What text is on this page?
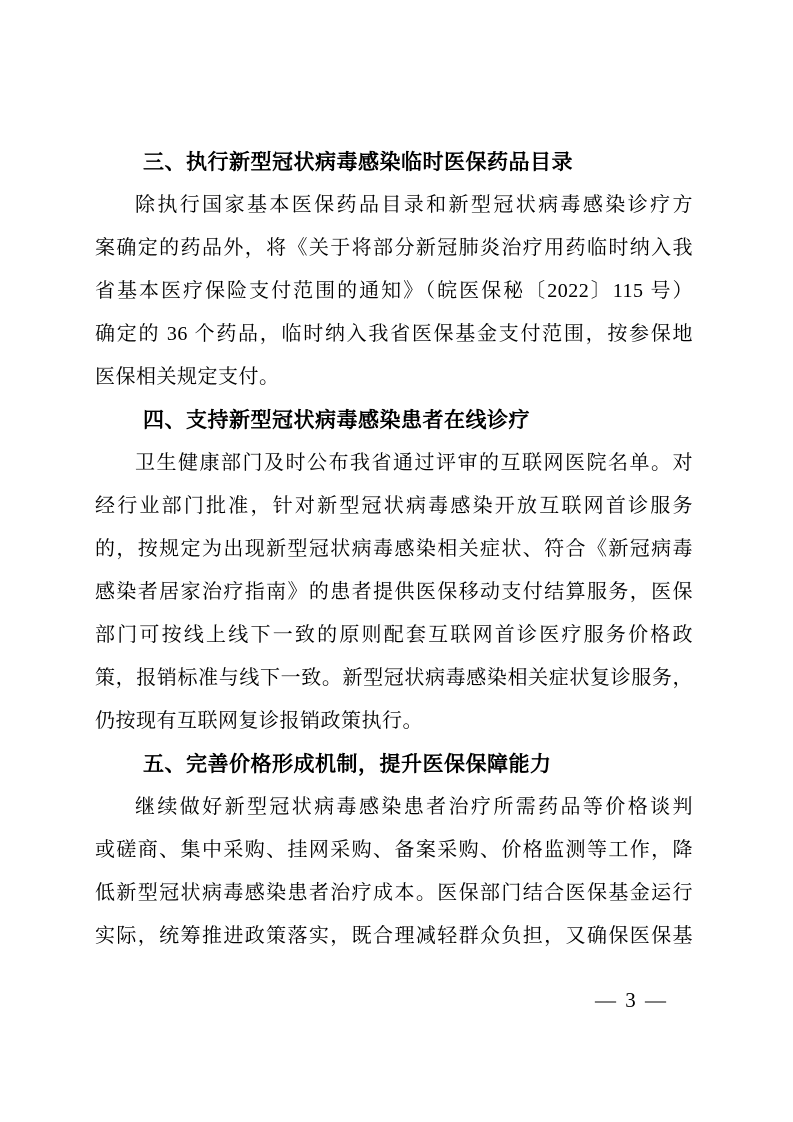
三、执行新型冠状病毒感染临时医保药品目录
除执行国家基本医保药品目录和新型冠状病毒感染诊疗方
案确定的药品外，将《关于将部分新冠肺炎治疗用药临时纳入我
省基本医疗保险支付范围的通知》（皖医保秘〔2022〕115 号）
确定的 36 个药品，临时纳入我省医保基金支付范围，按参保地
医保相关规定支付。
四、支持新型冠状病毒感染患者在线诊疗
卫生健康部门及时公布我省通过评审的互联网医院名单。对
经行业部门批准，针对新型冠状病毒感染开放互联网首诊服务
的，按规定为出现新型冠状病毒感染相关症状、符合《新冠病毒
感染者居家治疗指南》的患者提供医保移动支付结算服务，医保
部门可按线上线下一致的原则配套互联网首诊医疗服务价格政
策，报销标准与线下一致。新型冠状病毒感染相关症状复诊服务，
仍按现有互联网复诊报销政策执行。
五、完善价格形成机制，提升医保保障能力
继续做好新型冠状病毒感染患者治疗所需药品等价格谈判
或磋商、集中采购、挂网采购、备案采购、价格监测等工作，降
低新型冠状病毒感染患者治疗成本。医保部门结合医保基金运行
实际，统筹推进政策落实，既合理减轻群众负担，又确保医保基
— 3 —
